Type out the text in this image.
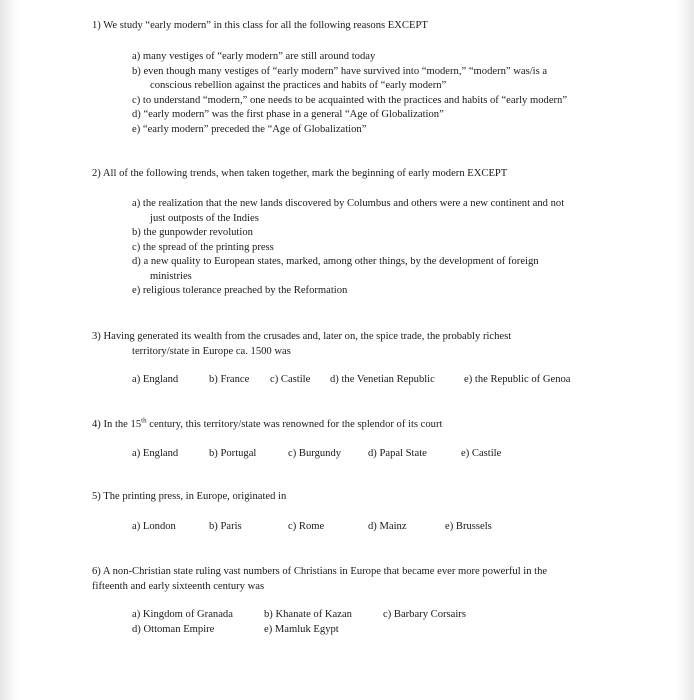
1) We study “early modern” in this class for all the following reasons EXCEPT
a) many vestiges of “early modern” are still around today
b) even though many vestiges of “early modern” have survived into “modern,” “modern” was/is a
conscious rebellion against the practices and habits of “early modern”
c) to understand “modern,” one needs to be acquainted with the practices and habits of “early modern”
d) “early modern” was the first phase in a general “Age of Globalization”
e) “early modern” preceded the “Age of Globalization”
2) All of the following trends, when taken together, mark the beginning of early modern EXCEPT
a) the realization that the new lands discovered by Columbus and others were a new continent and not
just outposts of the Indies
b) the gunpowder revolution
c) the spread of the printing press
d) a new quality to European states, marked, among other things, by the development of foreign
ministries
e) religious tolerance preached by the Reformation
3) Having generated its wealth from the crusades and, later on, the spice trade, the probably richest
territory/state in Europe ca. 1500 was
a) England	b) France c) Castile d) the Venetian Republic	e) the Republic of Genoa
4) In the 15th century, this territory/state was renowned for the splendor of its court
a) England	b) Portugal	c) Burgundy	d) Papal State	e) Castile
5) The printing press, in Europe, originated in
a) London	b) Paris	c) Rome	d) Mainz	e) Brussels
6) A non-Christian state ruling vast numbers of Christians in Europe that became ever more powerful in the
fifteenth and early sixteenth century was
a) Kingdom of Granada	b) Khanate of Kazan	c) Barbary Corsairs
d) Ottoman Empire	e) Mamluk Egypt
